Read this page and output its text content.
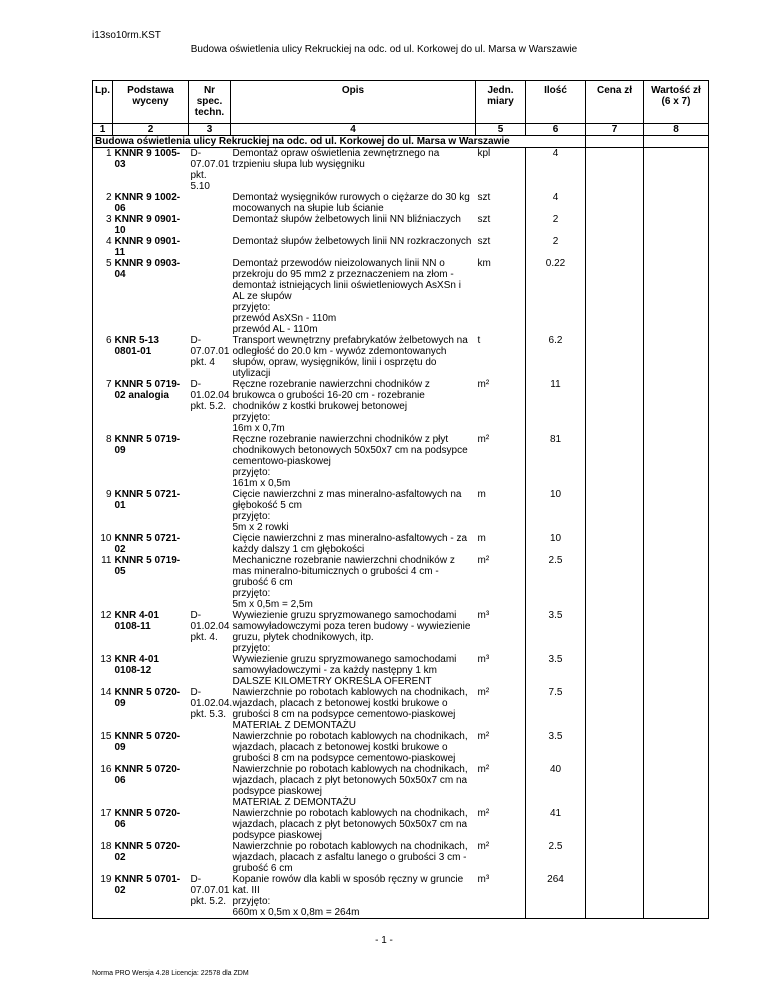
i13so10rm.KST
Budowa oświetlenia ulicy Rekruckiej na odc. od ul. Korkowej do ul. Marsa w Warszawie
Lp.	Podstawa wyceny	Nr spec. techn.	Opis	Jedn. miary	Ilość	Cena zł	Wartość zł (6 x 7)
1	2	3	4	5	6	7	8
Budowa oświetlenia ulicy Rekruckiej na odc. od ul. Korkowej do ul. Marsa w Warszawie							
1	KNNR 9 1005-03	D-07.07.01 pkt. 5.10	Demontaż opraw oświetlenia zewnętrznego na trzpieniu słupa lub wysięgniku	kpl	4		
2	KNNR 9 1002-06		Demontaż wysięgników rurowych o ciężarze do 30 kg mocowanych na słupie lub ścianie	szt	4		
3	KNNR 9 0901-10		Demontaż słupów żelbetowych linii NN bliźniaczych	szt	2		
4	KNNR 9 0901-11		Demontaż słupów żelbetowych linii NN rozkraczonych	szt	2		
5	KNNR 9 0903-04		Demontaż przewodów nieizolowanych linii NN o przekroju do 95 mm2 z przeznaczeniem na złom - demontaż istniejących linii oświetleniowych AsXSn i AL ze słupów
przyjęto:
przewód AsXSn - 110m
przewód AL - 110m	km	0.22		
6	KNR 5-13 0801-01	D-07.07.01 pkt. 4	Transport wewnętrzny prefabrykatów żelbetowych na odległość do 20.0 km - wywóz zdemontowanych słupów, opraw, wysięgników, linii i osprzętu do utylizacji	t	6.2		
7	KNNR 5 0719-02 analogia	D-01.02.04 pkt. 5.2.	Ręczne rozebranie nawierzchni chodników z brukowca o grubości 16-20 cm - rozebranie chodników z kostki brukowej betonowej
przyjęto:
16m x 0,7m	m²	11		
8	KNNR 5 0719-09		Ręczne rozebranie nawierzchni chodników z płyt chodnikowych betonowych 50x50x7 cm na podsypce cementowo-piaskowej
przyjęto:
161m x 0,5m	m²	81		
9	KNNR 5 0721-01		Cięcie nawierzchni z mas mineralno-asfaltowych na głębokość 5 cm
przyjęto:
5m x 2 rowki	m	10		
10	KNNR 5 0721-02		Cięcie nawierzchni z mas mineralno-asfaltowych - za każdy dalszy 1 cm głębokości	m	10		
11	KNNR 5 0719-05		Mechaniczne rozebranie nawierzchni chodników z mas mineralno-bitumicznych o grubości 4 cm - grubość 6 cm
przyjęto:
5m x 0,5m = 2,5m	m²	2.5		
12	KNR 4-01 0108-11	D-01.02.04 pkt. 4.	Wywiezienie gruzu spryzmowanego samochodami samowyładowczymi poza teren budowy - wywiezienie gruzu, płytek chodnikowych, itp.
przyjęto:	m³	3.5		
13	KNR 4-01 0108-12		Wywiezienie gruzu spryzmowanego samochodami samowyładowczymi - za każdy następny 1 km
DALSZE KILOMETRY OKREŚLA OFERENT	m³	3.5		
14	KNNR 5 0720-09	D-01.02.04. pkt. 5.3.	Nawierzchnie po robotach kablowych na chodnikach, wjazdach, placach z betonowej kostki brukowe o grubości 8 cm na podsypce cementowo-piaskowej
MATERIAŁ Z DEMONTAŻU	m²	7.5		
15	KNNR 5 0720-09		Nawierzchnie po robotach kablowych na chodnikach, wjazdach, placach z betonowej kostki brukowe o grubości 8 cm na podsypce cementowo-piaskowej	m²	3.5		
16	KNNR 5 0720-06		Nawierzchnie po robotach kablowych na chodnikach, wjazdach, placach z płyt betonowych 50x50x7 cm na podsypce piaskowej
MATERIAŁ Z DEMONTAŻU	m²	40		
17	KNNR 5 0720-06		Nawierzchnie po robotach kablowych na chodnikach, wjazdach, placach z płyt betonowych 50x50x7 cm na podsypce piaskowej	m²	41		
18	KNNR 5 0720-02		Nawierzchnie po robotach kablowych na chodnikach, wjazdach, placach z asfaltu lanego o grubości 3 cm - grubość 6 cm	m²	2.5		
19	KNNR 5 0701-02	D-07.07.01 pkt. 5.2.	Kopanie rowów dla kabli w sposób ręczny w gruncie kat. III
przyjęto:
660m x 0,5m x 0,8m = 264m	m³	264		
- 1 -
Norma PRO Wersja 4.28 Licencja: 22578 dla ZDM
